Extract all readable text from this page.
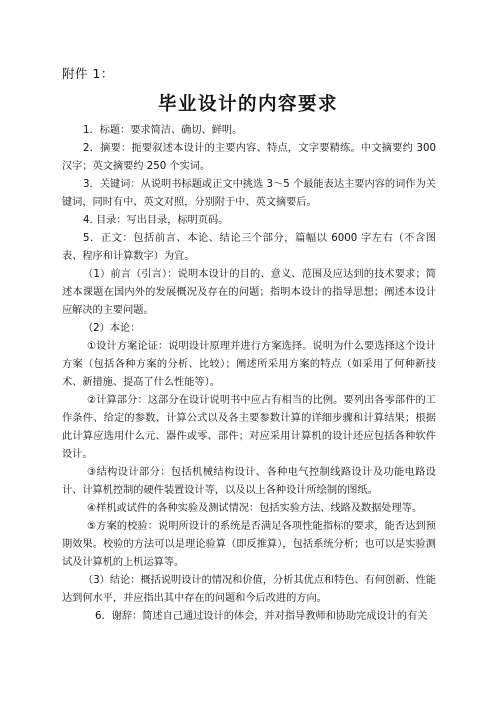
附件 1：
毕业设计的内容要求

1．标题：要求简洁、确切、鲜明。

2．摘要：扼要叙述本设计的主要内容、特点，文字要精练。中文摘要约 300 汉字；英文摘要约 250 个实词。

3．关键词：从说明书标题或正文中挑选 3～5 个最能表达主要内容的词作为关键词，同时有中、英文对照，分别附于中、英文摘要后。

4. 目录：写出目录，标明页码。

5．正文：包括前言、本论、结论三个部分，篇幅以 6000 字左右（不含图表、程序和计算数字）为宜。

（1）前言（引言）：说明本设计的目的、意义、范围及应达到的技术要求；简述本课题在国内外的发展概况及存在的问题；指明本设计的指导思想；阐述本设计应解决的主要问题。

（2）本论：

①设计方案论证：说明设计原理并进行方案选择。说明为什么要选择这个设计方案（包括各种方案的分析、比较）；阐述所采用方案的特点（如采用了何种新技术、新措施、提高了什么性能等）。

②计算部分：这部分在设计说明书中应占有相当的比例。要列出各零部件的工作条件、给定的参数、计算公式以及各主要参数计算的详细步骤和计算结果；根据此计算应选用什么元、器件或零、部件；对应采用计算机的设计还应包括各种软件设计。

③结构设计部分：包括机械结构设计、各种电气控制线路设计及功能电路设计、计算机控制的硬件装置设计等，以及以上各种设计所绘制的图纸。

④样机或试件的各种实验及测试情况：包括实验方法、线路及数据处理等。

⑤方案的校验：说明所设计的系统是否满足各项性能指标的要求，能否达到预期效果。校验的方法可以是理论验算（即反推算），包括系统分析；也可以是实验测试及计算机的上机运算等。

（3）结论：概括说明设计的情况和价值，分析其优点和特色、有何创新、性能达到何水平，并应指出其中存在的问题和今后改进的方向。

6．谢辞：简述自己通过设计的体会，并对指导教师和协助完成设计的有关
